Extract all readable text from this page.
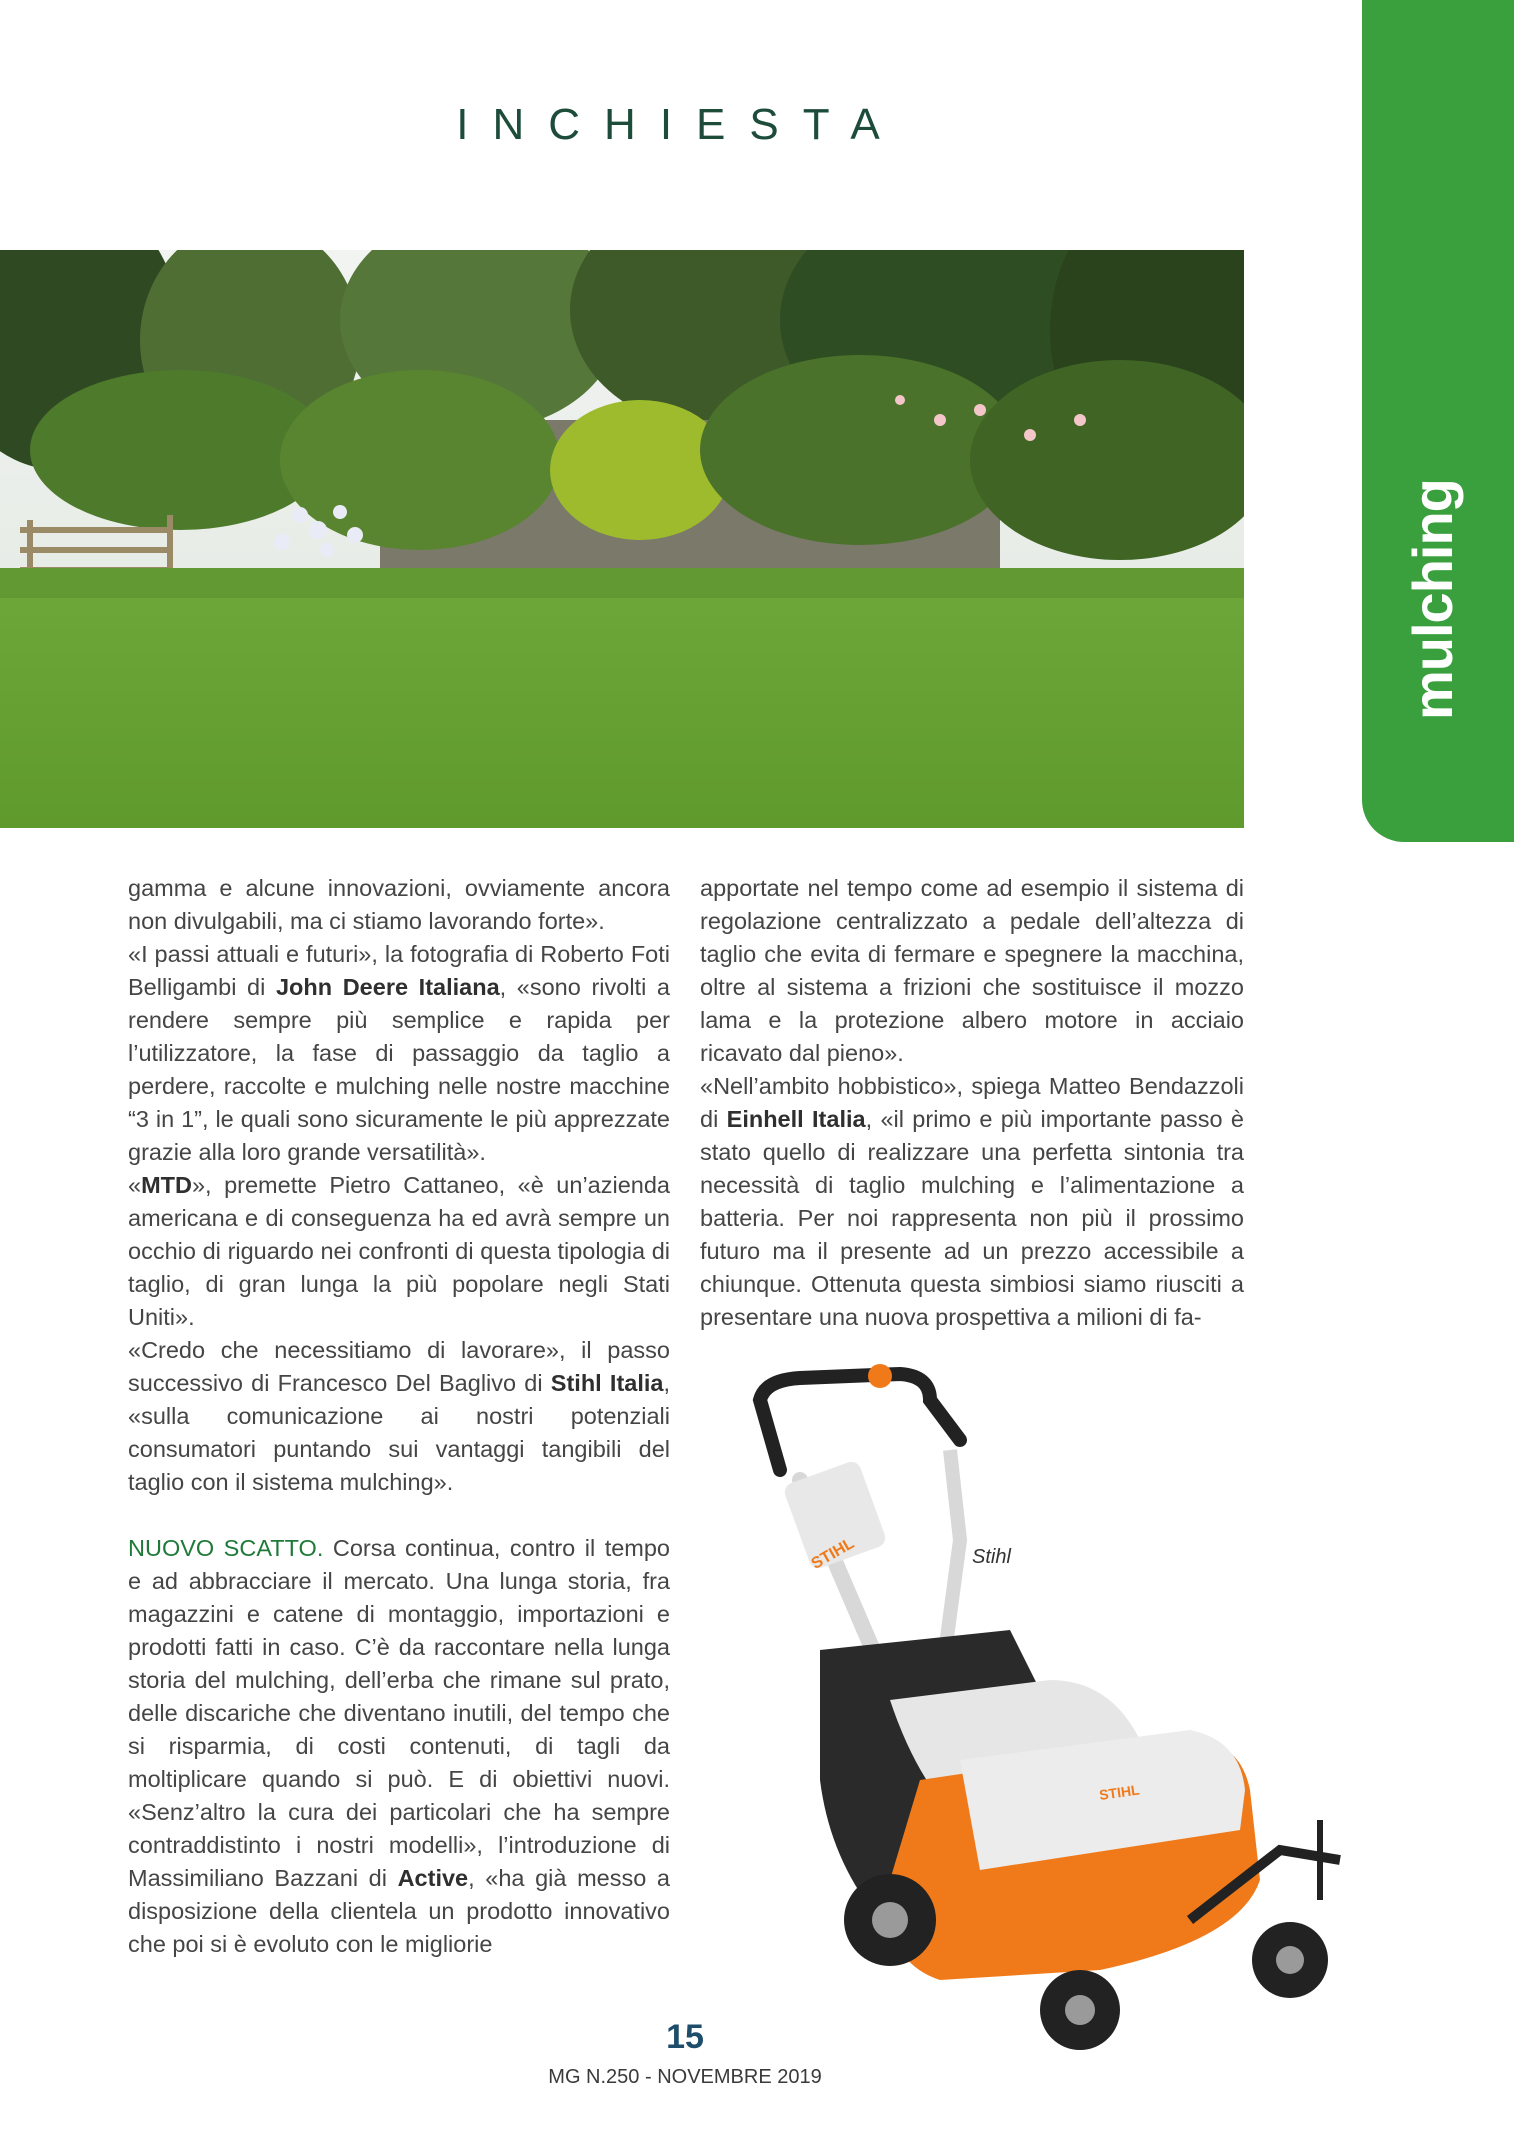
INCHIESTA
mulching

gamma e alcune innovazioni, ovviamente ancora non divulgabili, ma ci stiamo lavorando forte».

«I passi attuali e futuri», la fotografia di Roberto Foti Belligambi di John Deere Italiana, «sono rivolti a rendere sempre più semplice e rapida per l’utilizzatore, la fase di passaggio da taglio a perdere, raccolte e mulching nelle nostre macchine “3 in 1”, le quali sono sicuramente le più apprezzate grazie alla loro grande versatilità».

«MTD», premette Pietro Cattaneo, «è un’azienda americana e di conseguenza ha ed avrà sempre un occhio di riguardo nei confronti di questa tipologia di taglio, di gran lunga la più popolare negli Stati Uniti».

«Credo che necessitiamo di lavorare», il passo successivo di Francesco Del Baglivo di Stihl Italia, «sulla comunicazione ai nostri potenziali consumatori puntando sui vantaggi tangibili del taglio con il sistema mulching».

NUOVO SCATTO. Corsa continua, contro il tempo e ad abbracciare il mercato. Una lunga storia, fra magazzini e catene di montaggio, importazioni e prodotti fatti in caso. C’è da raccontare nella lunga storia del mulching, dell’erba che rimane sul prato, delle discariche che diventano inutili, del tempo che si risparmia, di costi contenuti, di tagli da moltiplicare quando si può. E di obiettivi nuovi. «Senz’altro la cura dei particolari che ha sempre contraddistinto i nostri modelli», l’introduzione di Massimiliano Bazzani di Active, «ha già messo a disposizione della clientela un prodotto innovativo che poi si è evoluto con le migliorie

apportate nel tempo come ad esempio il sistema di regolazione centralizzato a pedale dell’altezza di taglio che evita di fermare e spegnere la macchina, oltre al sistema a frizioni che sostituisce il mozzo lama e la protezione albero motore in acciaio ricavato dal pieno».

«Nell’ambito hobbistico», spiega Matteo Bendazzoli di Einhell Italia, «il primo e più importante passo è stato quello di realizzare una perfetta sintonia tra necessità di taglio mulching e l’alimentazione a batteria. Per noi rappresenta non più il prossimo futuro ma il presente ad un prezzo accessibile a chiunque. Ottenuta questa simbiosi siamo riusciti a presentare una nuova prospettiva a milioni di fa-

STIHL
STIHL
Stihl
15
MG N.250 - NOVEMBRE 2019
